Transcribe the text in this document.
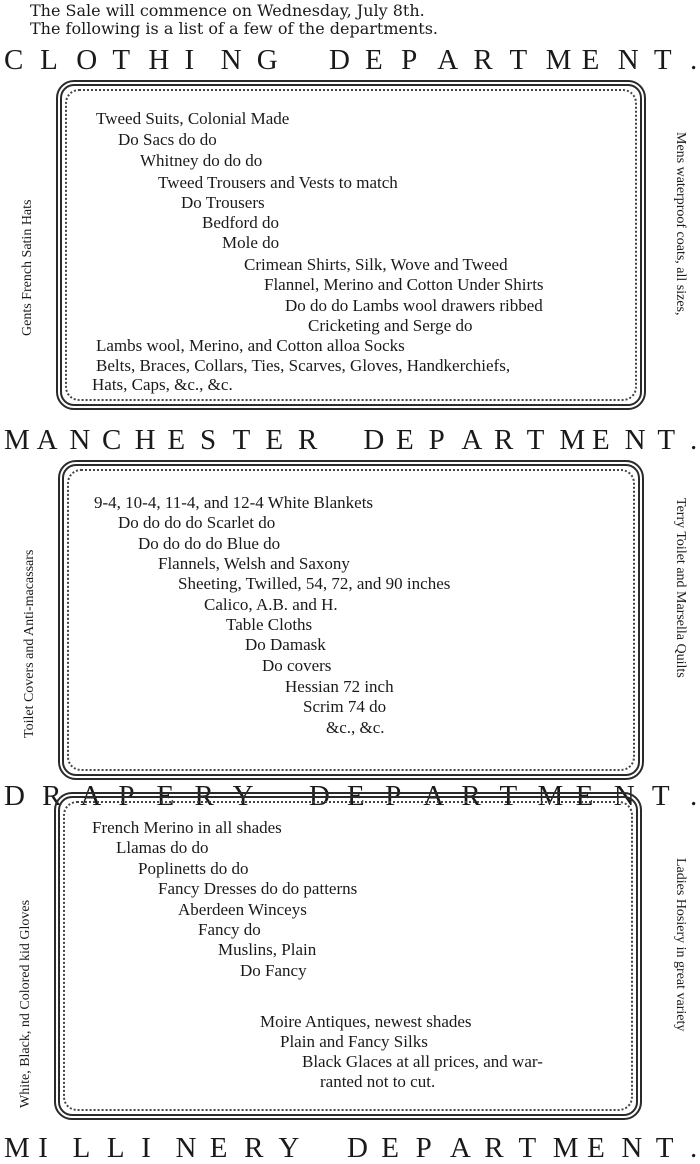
The Sale will commence on Wednesday, July 8th.
The following is a list of a few of the departments.
C L O T H I N G D E P A R T M E N T .
Gents French Satin Hats	Mens waterproof coats, all sizes,
Tweed Suits, Colonial Made
Do Sacs do do
Whitney do do do
Tweed Trousers and Vests to match
Do Trousers
Bedford do
Mole do
Crimean Shirts, Silk, Wove and Tweed
Flannel, Merino and Cotton Under Shirts
Do do do Lambs wool drawers ribbed
Cricketing and Serge do
Lambs wool, Merino, and Cotton alloa Socks
Belts, Braces, Collars, Ties, Scarves, Gloves, Handkerchiefs,
Hats, Caps, &c., &c.
M A N C H E S T E R D E P A R T M E N T .
Toilet Covers and Anti-macassars	Terry Toilet and Marsella Quilts
9-4, 10-4, 11-4, and 12-4 White Blankets
Do do do do Scarlet do
Do do do do Blue do
Flannels, Welsh and Saxony
Sheeting, Twilled, 54, 72, and 90 inches
Calico, A.B. and H.
Table Cloths
Do Damask
Do covers
Hessian 72 inch
Scrim 74 do
&c., &c.
D R A P E R Y D E P A R T M E N T .
White, Black, nd Colored kid Gloves	Ladies Hosiery in great variety
French Merino in all shades
Llamas do do
Poplinetts do do
Fancy Dresses do do patterns
Aberdeen Winceys
Fancy do
Muslins, Plain
Do Fancy
Moire Antiques, newest shades
Plain and Fancy Silks
Black Glaces at all prices, and war-
ranted not to cut.
M I L L I N E R Y D E P A R T M E N T .
